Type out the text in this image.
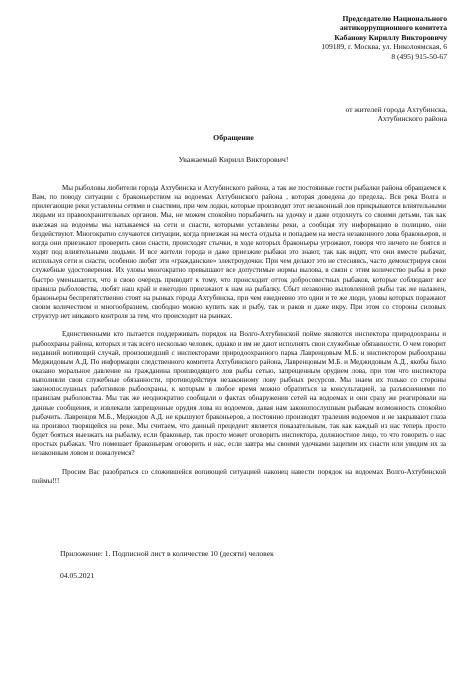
Председателю Национального
антикоррупционного комитета
Кабанову Кириллу Викторовичу
109189, г. Москва, ул. Николоямская, 6
8 (495) 915-50-67
от жителей города Ахтубинска,
Ахтубинского района
Обращение
Уважаемый Кирилл Викторович!

Мы рыболовы любители города Ахтубинска и Ахтубинского района, а так же постоянные гости рыбалки района обращаемся к Вам, по поводу ситуации с браконьерством на водоемах Ахтубинского района , которая доведена до предела,. Вся река Волга и прилегающие реки уставлены сетями и снастями, при чем лодки, которые производят этот незаконный лов прикрываются влиятельными людьми из правоохранительных органов. Мы, не можем спокойно порыбачить на удочку и даже отдохнуть со своими детьми, так как выезжая на водоемы мы натыкаемся на сети и снасти, которыми уставлены реки, а сообщая эту информацию в полицию, они бездействуют. Многократно случаются ситуации, когда приезжая на места отдыха и попадаем на места незаконного лова браконьеров, и когда они приезжают проверить свои снасти, происходят стычки, в ходе которых браконьеры угрожают, говоря что ничего не боятся и ходят под влиятельными людьми. И все жители города и даже приезжие рыбаки это знают, так как видят, что они вместе рыбачат, используя сети и снасти, особенно любят эти «гражданские» электроудочки. При чем делают это не стесняясь, часто демонстрируя свои служебные удостоверения. Их уловы многократно превышают все допустимые нормы вылова, в связи с этим количество рыбы в реке быстро уменьшается, что в свою очередь приводит к тому, что происходит отток добросовестных рыбаков, которые соблюдают все правила рыболовства, любят наш край и ежегодно приезжают к нам на рыбалку. Сбыт незаконно выловленной рыбы так же налажен, браконьеры беспрепятственно стоят на рынках города Ахтубинска, при чем ежедневно это одни и те же люди, уловы которых поражают своим количеством и многообразием, свободно можно купить как и рыбу, так и раков и даже икру. При этом со стороны силовых структур нет никакого контроля за тем, что происходит на рынках.

Единственными кто пытается поддерживать порядок на Волго-Ахтубинской пойме являются инспектора природоохраны и рыбоохраны района, которых и так всего несколько человек, однако и им не дают исполнять свои служебные обязанности. О чем говорит недавний вопиющий случай, произошедший с инспекторами природоохранного парка Лавренцовым М.Б. и инспектором рыбоохраны Меджидовым А.Д. По информации следственного комитета Ахтубинского района, Лавренцовым М.Б. и Меджидовым А.Д., якобы было оказано моральное давление на гражданина производящего лов рыбы сетью, запрещенным орудием лова, при том что инспектора выполняли свои служебные обязанности, противодействуя незаконному лову рыбных ресурсов. Мы знаем их только со стороны законопослушных работников рыбоохраны, к которым в любое время можно обратиться за консультацией, за разъяснениями по правилам рыболовства. Мы так же неоднократно сообщали о фактах обнаружения сетей на водоемах и они сразу же реагировали на данные сообщения, и извлекали запрещенные орудия лова из водоемов, давая нам законопослушным рыбакам возможность спокойно рыбачить. Лавренцов М.Б., Меджидов А.Д. не крышуют браконьеров, а постоянно производят траления водоемов и не закрывают глаза на произвол творящейся на реке. Мы считаем, что данный прецедент является показательным, так как каждый из нас теперь просто будет бояться выезжать на рыбалку, если браконьер, так просто может оговорить инспектора, должностное лицо, то что говорить о нас простых рыбаках. Что помешает браконьерам оговорить и нас, если завтра мы своими удочками зацепим их снасти или увидим их за незаконным ловом и пожалуемся?

Просим Вас разобраться со сложившейся вопиющей ситуацией наконец навести порядок на водоемах Волго-Ахтубинской поймы!!!

Приложение: 1. Подписной лист в количестве 10 (десяти) человек
04.05.2021
